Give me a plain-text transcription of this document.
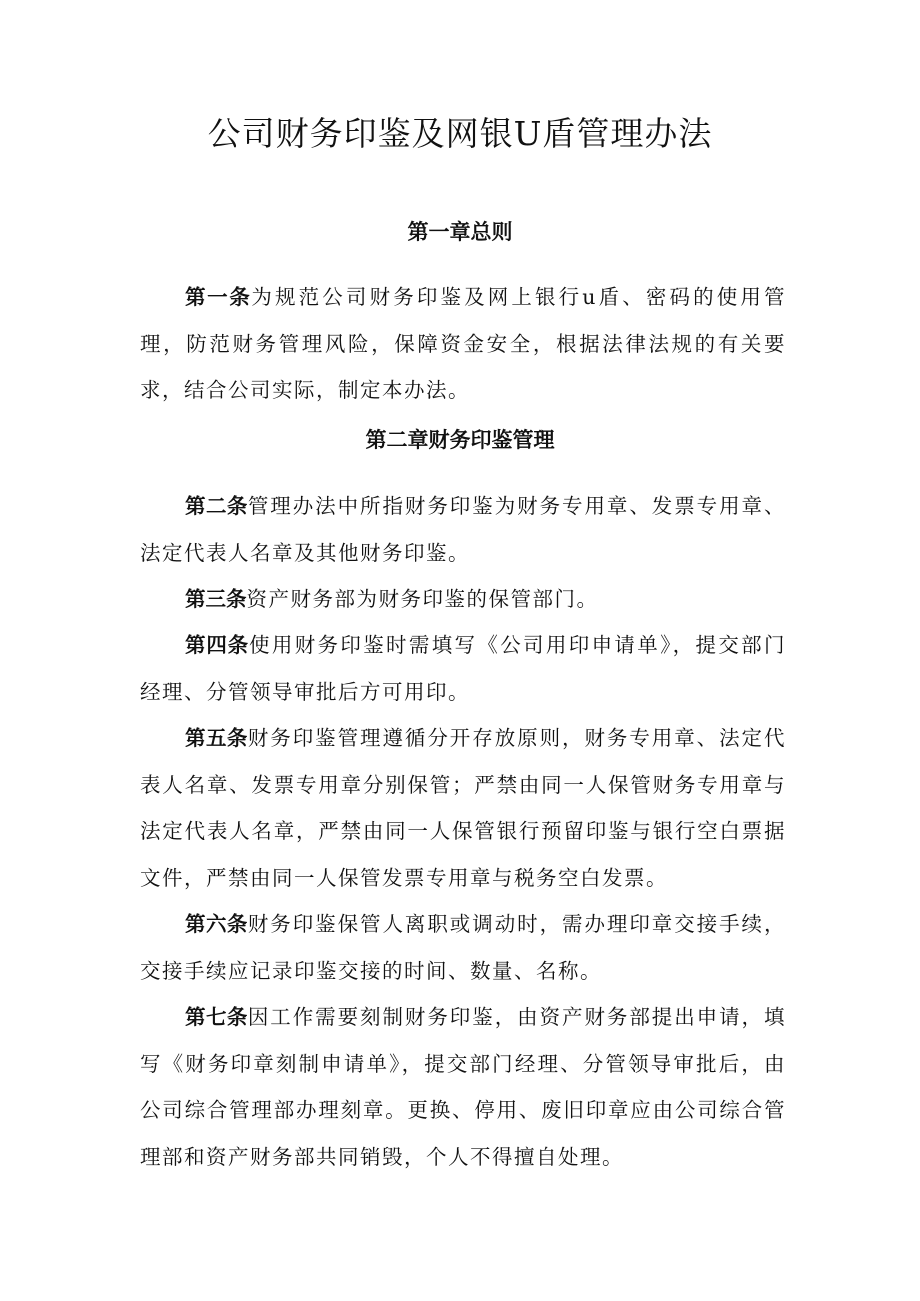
公司财务印鉴及网银U盾管理办法
第一章总则

第一条为规范公司财务印鉴及网上银行u盾、密码的使用管理，防范财务管理风险，保障资金安全，根据法律法规的有关要求，结合公司实际，制定本办法。

第二章财务印鉴管理

第二条管理办法中所指财务印鉴为财务专用章、发票专用章、法定代表人名章及其他财务印鉴。

第三条资产财务部为财务印鉴的保管部门。

第四条使用财务印鉴时需填写《公司用印申请单》，提交部门经理、分管领导审批后方可用印。

第五条财务印鉴管理遵循分开存放原则，财务专用章、法定代表人名章、发票专用章分别保管；严禁由同一人保管财务专用章与法定代表人名章，严禁由同一人保管银行预留印鉴与银行空白票据文件，严禁由同一人保管发票专用章与税务空白发票。

第六条财务印鉴保管人离职或调动时，需办理印章交接手续，交接手续应记录印鉴交接的时间、数量、名称。

第七条因工作需要刻制财务印鉴，由资产财务部提出申请，填写《财务印章刻制申请单》，提交部门经理、分管领导审批后，由公司综合管理部办理刻章。更换、停用、废旧印章应由公司综合管理部和资产财务部共同销毁，个人不得擅自处理。
